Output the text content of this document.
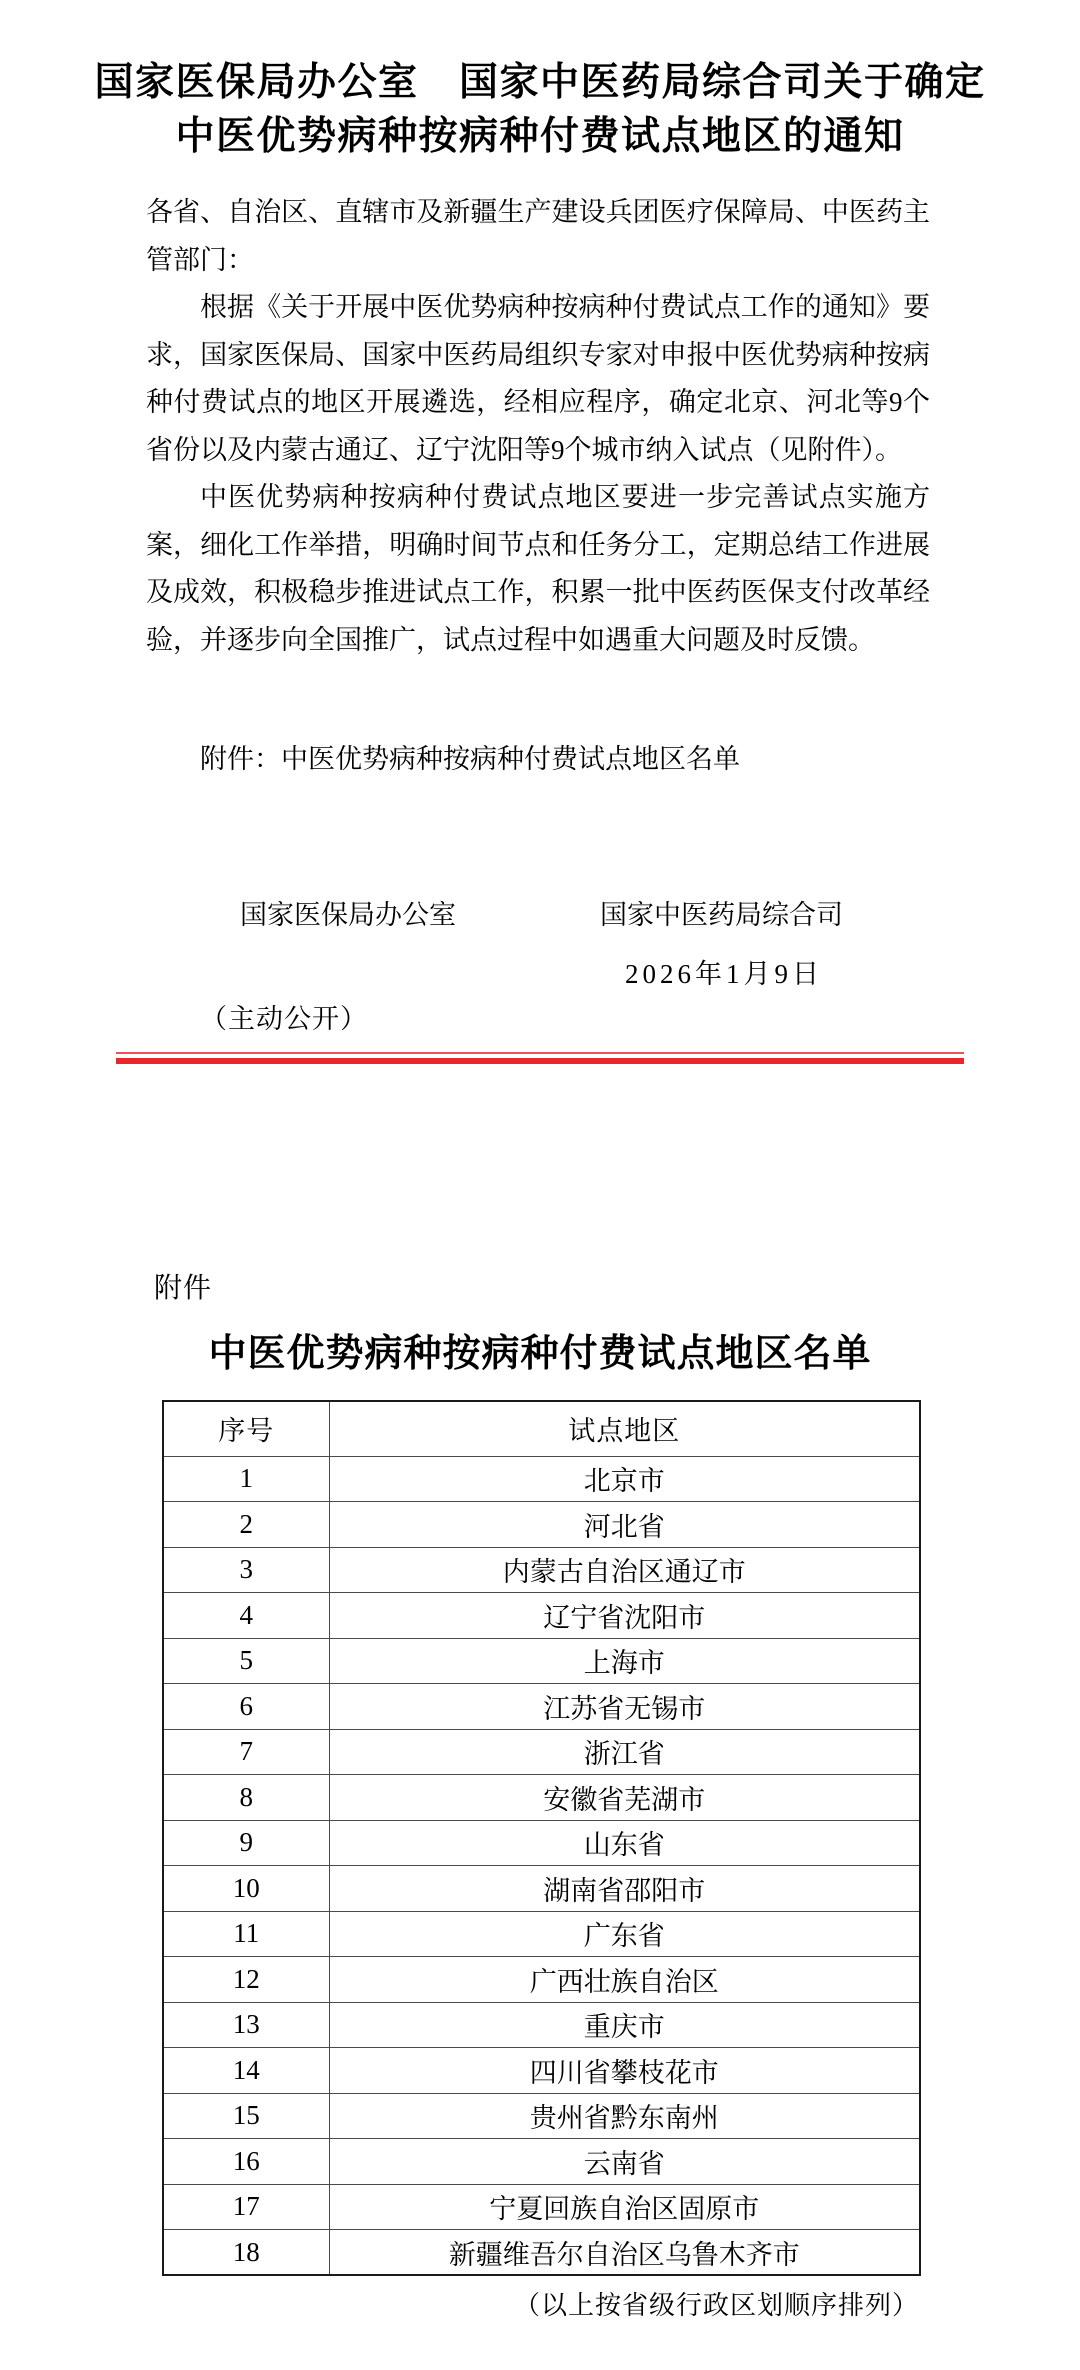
国家医保局办公室　国家中医药局综合司关于确定
中医优势病种按病种付费试点地区的通知

各省、自治区、直辖市及新疆生产建设兵团医疗保障局、中医药主管部门：

根据《关于开展中医优势病种按病种付费试点工作的通知》要求，国家医保局、国家中医药局组织专家对申报中医优势病种按病种付费试点的地区开展遴选，经相应程序，确定北京、河北等9个省份以及内蒙古通辽、辽宁沈阳等9个城市纳入试点（见附件）。

中医优势病种按病种付费试点地区要进一步完善试点实施方案，细化工作举措，明确时间节点和任务分工，定期总结工作进展及成效，积极稳步推进试点工作，积累一批中医药医保支付改革经验，并逐步向全国推广，试点过程中如遇重大问题及时反馈。

附件：中医优势病种按病种付费试点地区名单

国家医保局办公室	国家中医药局综合司
2026年1月9日
（主动公开）
附件
中医优势病种按病种付费试点地区名单
序号	试点地区
1	北京市
2	河北省
3	内蒙古自治区通辽市
4	辽宁省沈阳市
5	上海市
6	江苏省无锡市
7	浙江省
8	安徽省芜湖市
9	山东省
10	湖南省邵阳市
11	广东省
12	广西壮族自治区
13	重庆市
14	四川省攀枝花市
15	贵州省黔东南州
16	云南省
17	宁夏回族自治区固原市
18	新疆维吾尔自治区乌鲁木齐市
（以上按省级行政区划顺序排列）
